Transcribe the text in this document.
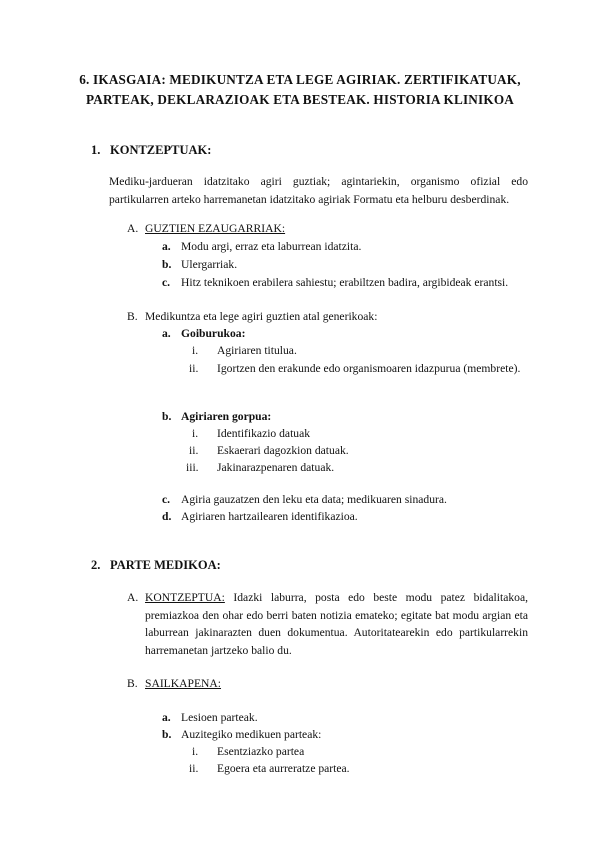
6. IKASGAIA: MEDIKUNTZA ETA LEGE AGIRIAK. ZERTIFIKATUAK,
PARTEAK, DEKLARAZIOAK ETA BESTEAK. HISTORIA KLINIKOA
1. KONTZEPTUAK:
Mediku-jardueran idatzitako agiri guztiak; agintariekin, organismo ofizial edo partikularren arteko harremanetan idatzitako agiriak Formatu eta helburu desberdinak.
A. GUZTIEN EZAUGARRIAK:
a. Modu argi, erraz eta laburrean idatzita.
b. Ulergarriak.
c. Hitz teknikoen erabilera sahiestu; erabiltzen badira, argibideak erantsi.
B. Medikuntza eta lege agiri guztien atal generikoak:
a. Goiburukoa:
i. Agiriaren titulua.
ii. Igortzen den erakunde edo organismoaren idazpurua (membrete).
b. Agiriaren gorpua:
i. Identifikazio datuak
ii. Eskaerari dagozkion datuak.
iii. Jakinarazpenaren datuak.
c. Agiria gauzatzen den leku eta data; medikuaren sinadura.
d. Agiriaren hartzailearen identifikazioa.
2. PARTE MEDIKOA:
A. KONTZEPTUA: Idazki laburra, posta edo beste modu patez bidalitakoa, premiazkoa den ohar edo berri baten notizia emateko; egitate bat modu argian eta laburrean jakinarazten duen dokumentua. Autoritatearekin edo partikularrekin harremanetan jartzeko balio du.
B. SAILKAPENA:
a. Lesioen parteak.
b. Auzitegiko medikuen parteak:
i. Esentziazko partea
ii. Egoera eta aurreratze partea.
